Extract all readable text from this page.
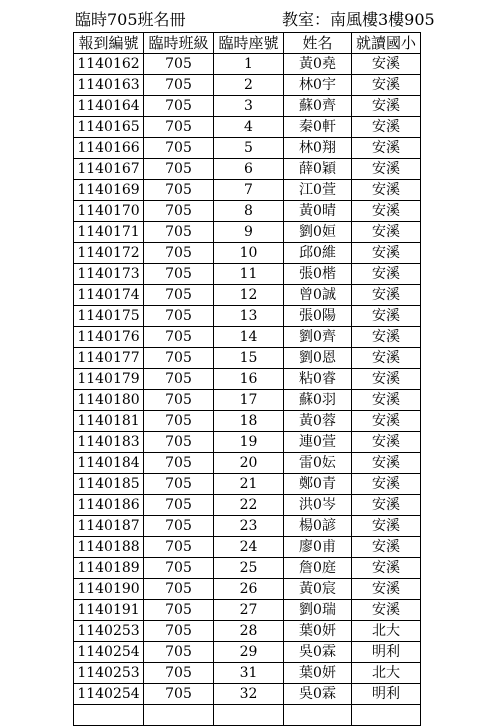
臨時705班名冊	教室：南風樓3樓905
報到編號	臨時班級	臨時座號	姓名	就讀國小
1140162	705	1	黃0堯	安溪
1140163	705	2	林0宇	安溪
1140164	705	3	蘇0齊	安溪
1140165	705	4	秦0軒	安溪
1140166	705	5	林0翔	安溪
1140167	705	6	薛0穎	安溪
1140169	705	7	江0萱	安溪
1140170	705	8	黃0晴	安溪
1140171	705	9	劉0姮	安溪
1140172	705	10	邱0維	安溪
1140173	705	11	張0楷	安溪
1140174	705	12	曾0誠	安溪
1140175	705	13	張0陽	安溪
1140176	705	14	劉0齊	安溪
1140177	705	15	劉0恩	安溪
1140179	705	16	粘0睿	安溪
1140180	705	17	蘇0羽	安溪
1140181	705	18	黃0蓉	安溪
1140183	705	19	連0萱	安溪
1140184	705	20	雷0妘	安溪
1140185	705	21	鄭0青	安溪
1140186	705	22	洪0岑	安溪
1140187	705	23	楊0諺	安溪
1140188	705	24	廖0甫	安溪
1140189	705	25	詹0庭	安溪
1140190	705	26	黃0宸	安溪
1140191	705	27	劉0瑞	安溪
1140253	705	28	葉0妍	北大
1140254	705	29	吳0霖	明利
1140253	705	31	葉0妍	北大
1140254	705	32	吳0霖	明利
